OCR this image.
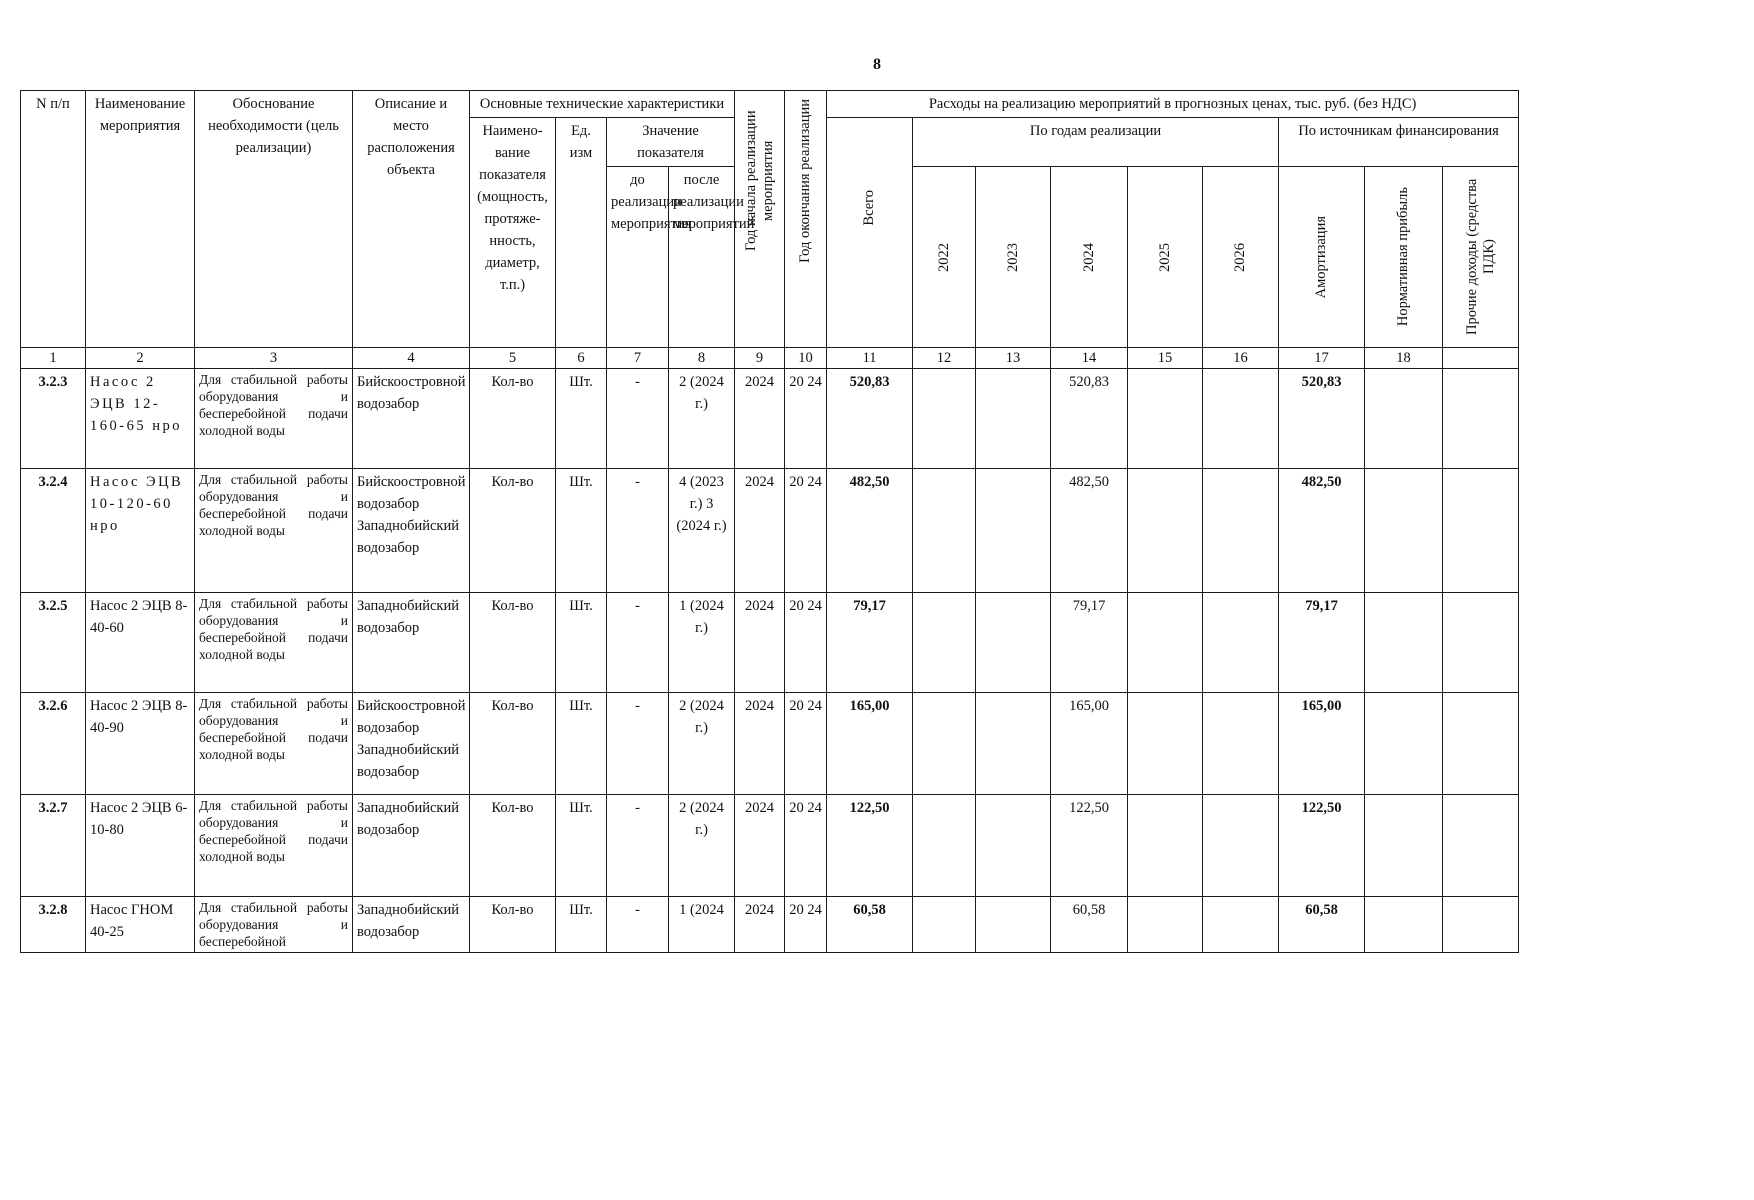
8
N п/п	Наименование мероприятия	Обоснование необходимости (цель реализации)	Описание и место расположения объекта	Основные технические характеристики				Год начала реализации мероприятия	Год окончания реализации	Расходы на реализацию мероприятий в прогнозных ценах, тыс. руб. (без НДС)								
				Наимено-вание показателя (мощность, протяже-нность, диаметр, т.п.)	Ед. изм	Значение показателя				Всего	По годам реализации					По источникам финансирования		
						до реализации мероприятия	после реализации мероприятий				2022	2023	2024	2025	2026	Амортизация	Нормативная прибыль	Прочие доходы (средства ПДК)

1	2	3	4	5	6	7	8	9	10	11	12	13	14	15	16	17	18	
3.2.3	Насос 2 ЭЦВ 12-160-65 нро	Для стабильной работы оборудования и бесперебойной подачи холодной воды	Бийскоостровной водозабор	Кол-во	Шт.	-	2 (2024 г.)	2024	20 24	520,83			520,83			520,83		
3.2.4	Насос ЭЦВ 10-120-60 нро	Для стабильной работы оборудования и бесперебойной подачи холодной воды	Бийскоостровной водозабор Западнобийский водозабор	Кол-во	Шт.	-	4 (2023 г.) 3 (2024 г.)	2024	20 24	482,50			482,50			482,50		
3.2.5	Насос 2 ЭЦВ 8-40-60	Для стабильной работы оборудования и бесперебойной подачи холодной воды	Западнобийский водозабор	Кол-во	Шт.	-	1 (2024 г.)	2024	20 24	79,17			79,17			79,17		
3.2.6	Насос 2 ЭЦВ 8-40-90	Для стабильной работы оборудования и бесперебойной подачи холодной воды	Бийскоостровной водозабор Западнобийский водозабор	Кол-во	Шт.	-	2 (2024 г.)	2024	20 24	165,00			165,00			165,00		
3.2.7	Насос 2 ЭЦВ 6-10-80	Для стабильной работы оборудования и бесперебойной подачи холодной воды	Западнобийский водозабор	Кол-во	Шт.	-	2 (2024 г.)	2024	20 24	122,50			122,50			122,50		
3.2.8	Насос ГНОМ 40-25	Для стабильной работы оборудования и бесперебойной	Западнобийский водозабор	Кол-во	Шт.	-	1 (2024	2024	20 24	60,58			60,58			60,58		
